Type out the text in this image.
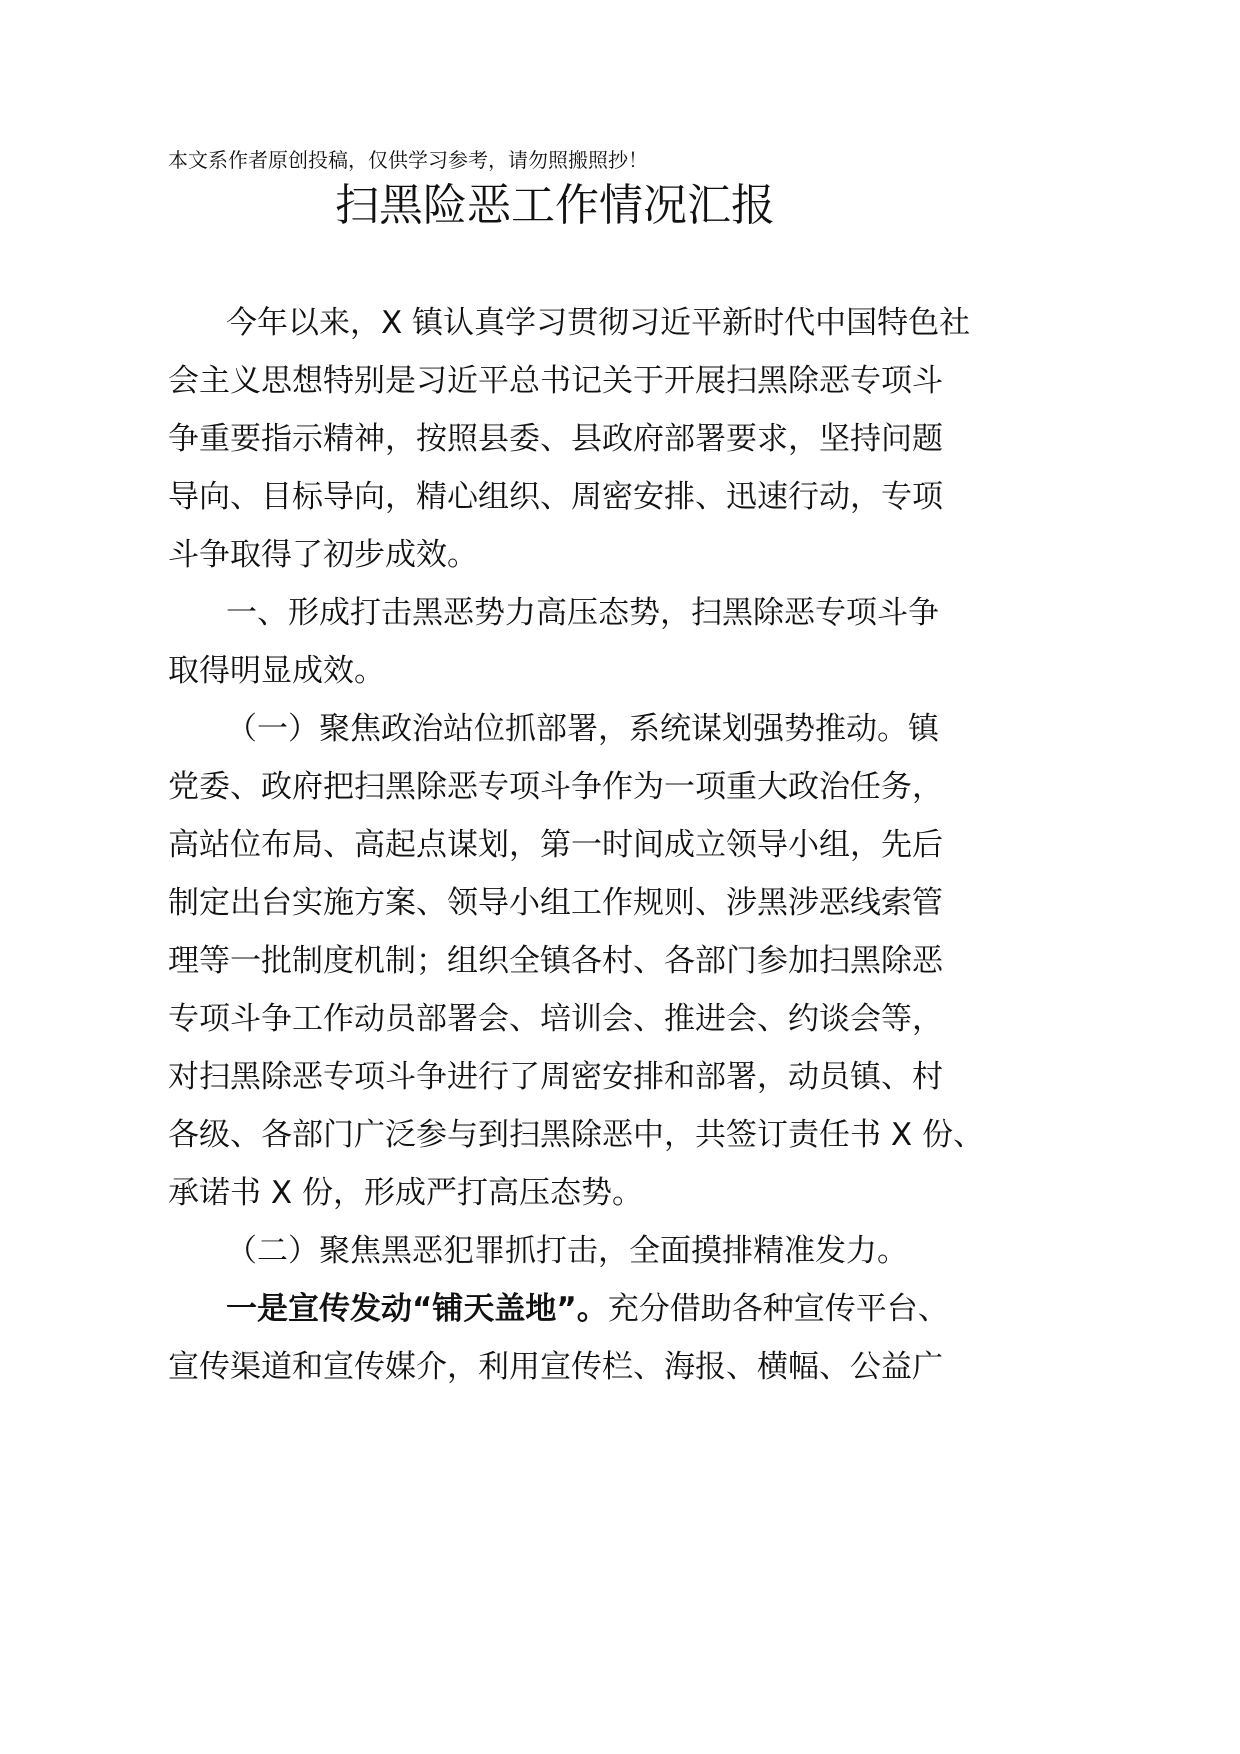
本文系作者原创投稿，仅供学习参考，请勿照搬照抄！
扫黑险恶工作情况汇报
今年以来，X 镇认真学习贯彻习近平新时代中国特色社
会主义思想特别是习近平总书记关于开展扫黑除恶专项斗
争重要指示精神，按照县委、县政府部署要求，坚持问题
导向、目标导向，精心组织、周密安排、迅速行动，专项
斗争取得了初步成效。
一、形成打击黑恶势力高压态势，扫黑除恶专项斗争
取得明显成效。
（一）聚焦政治站位抓部署，系统谋划强势推动。镇
党委、政府把扫黑除恶专项斗争作为一项重大政治任务，
高站位布局、高起点谋划，第一时间成立领导小组，先后
制定出台实施方案、领导小组工作规则、涉黑涉恶线索管
理等一批制度机制；组织全镇各村、各部门参加扫黑除恶
专项斗争工作动员部署会、培训会、推进会、约谈会等，
对扫黑除恶专项斗争进行了周密安排和部署，动员镇、村
各级、各部门广泛参与到扫黑除恶中，共签订责任书 X 份、
承诺书 X 份，形成严打高压态势。
（二）聚焦黑恶犯罪抓打击，全面摸排精准发力。
一是宣传发动“铺天盖地”。充分借助各种宣传平台、
宣传渠道和宣传媒介，利用宣传栏、海报、横幅、公益广
